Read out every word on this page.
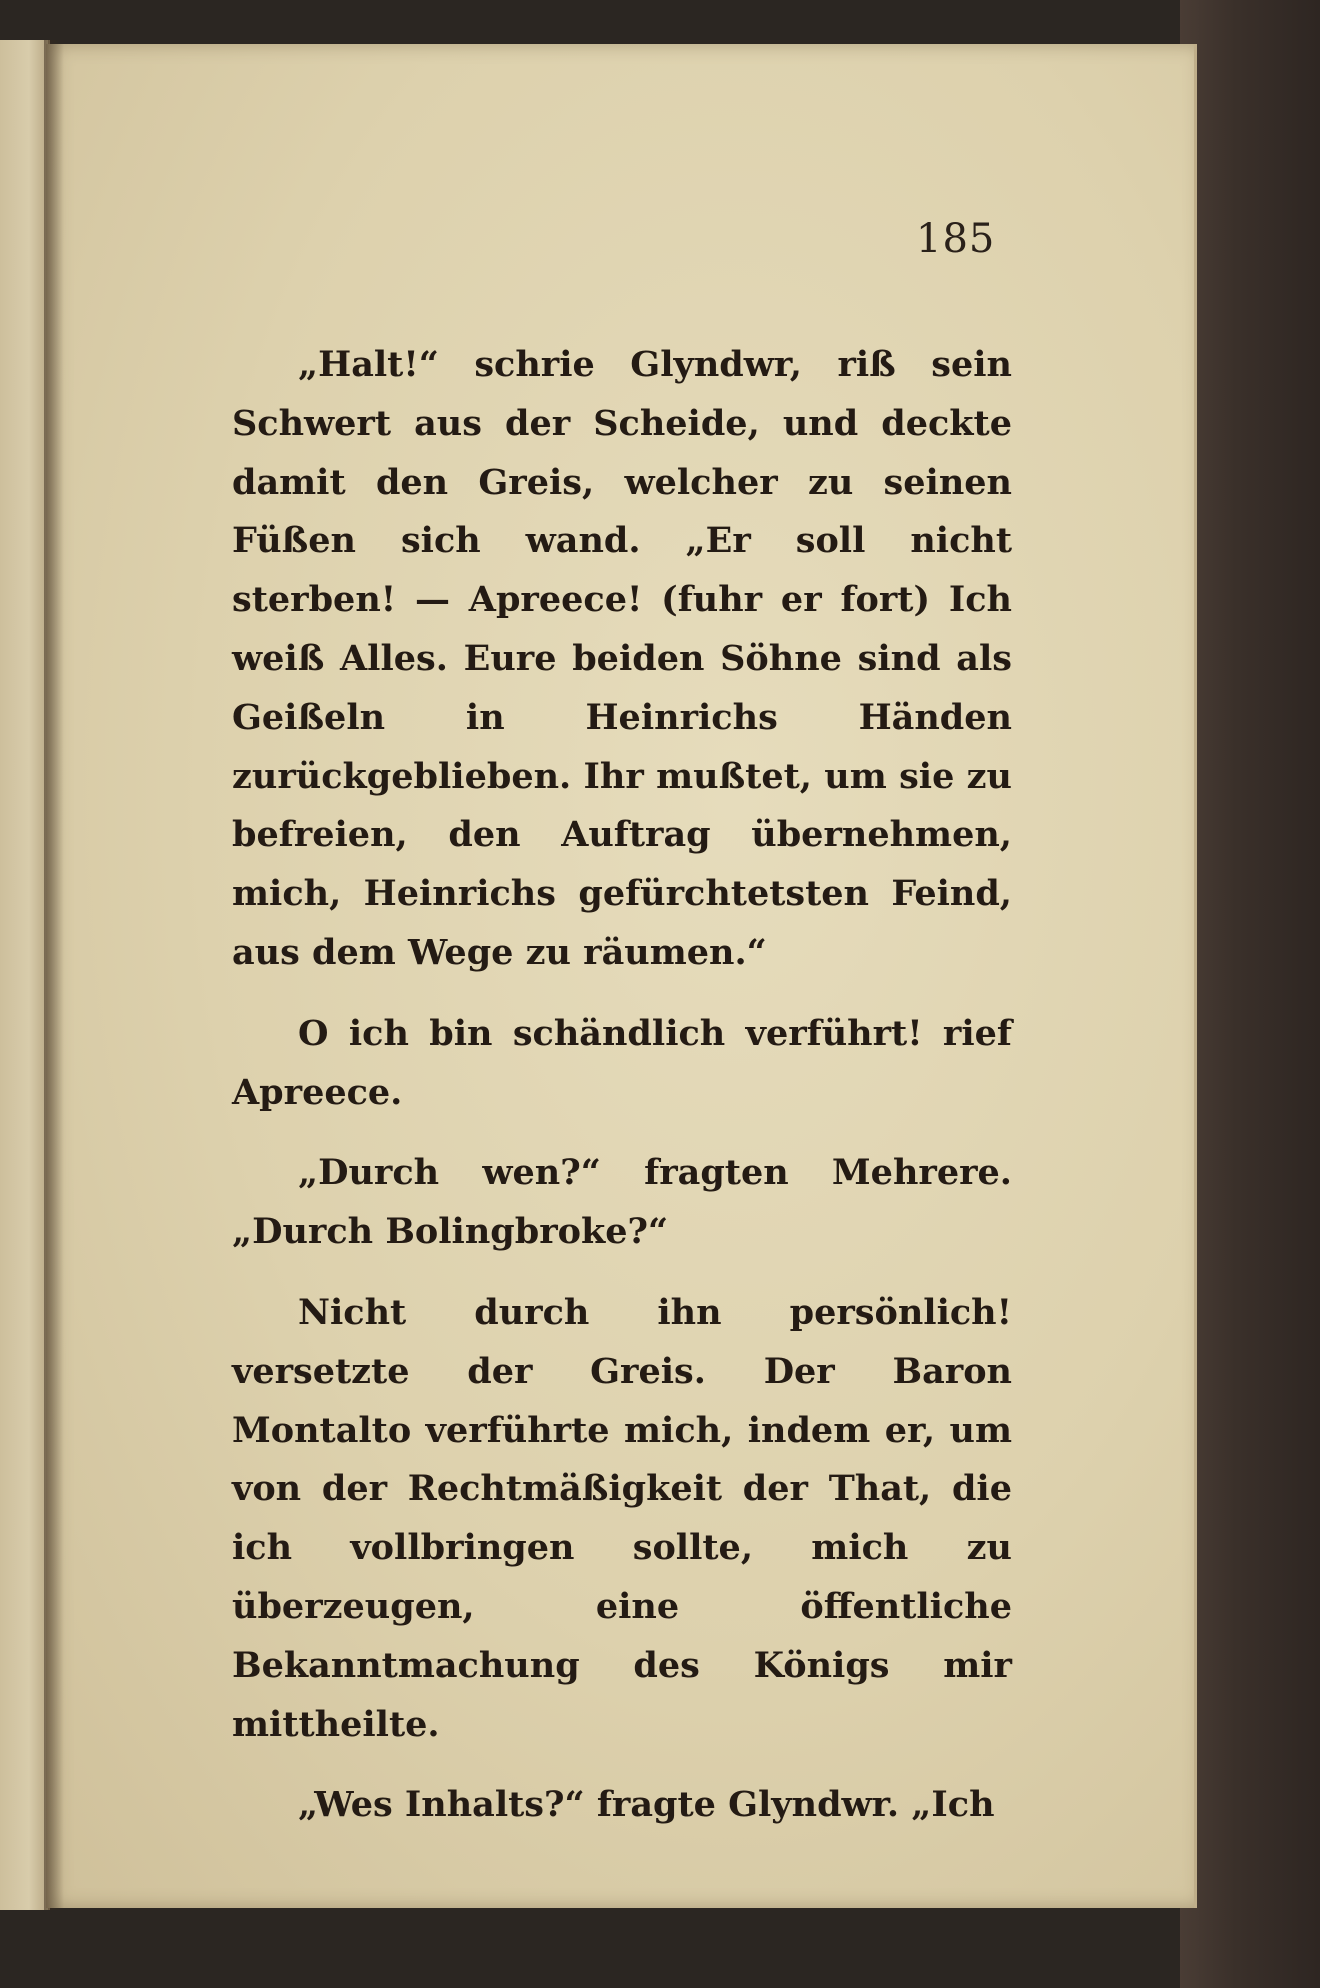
185

„Halt!“ schrie Glyndwr, riß sein Schwert aus der Scheide, und deckte damit den Greis, welcher zu seinen Füßen sich wand. „Er soll nicht sterben! — Apreece! (fuhr er fort) Ich weiß Alles. Eure beiden Söhne sind als Geißeln in Heinrichs Händen zurückgeblieben. Ihr mußtet, um sie zu befreien, den Auftrag übernehmen, mich, Heinrichs gefürchtetsten Feind, aus dem Wege zu räumen.“

O ich bin schändlich verführt! rief Apreece.

„Durch wen?“ fragten Mehrere. „Durch Bolingbroke?“

Nicht durch ihn persönlich! versetzte der Greis. Der Baron Montalto verführte mich, indem er, um von der Rechtmäßigkeit der That, die ich vollbringen sollte, mich zu überzeugen, eine öffentliche Bekanntmachung des Königs mir mittheilte.

„Wes Inhalts?“ fragte Glyndwr. „Ich
